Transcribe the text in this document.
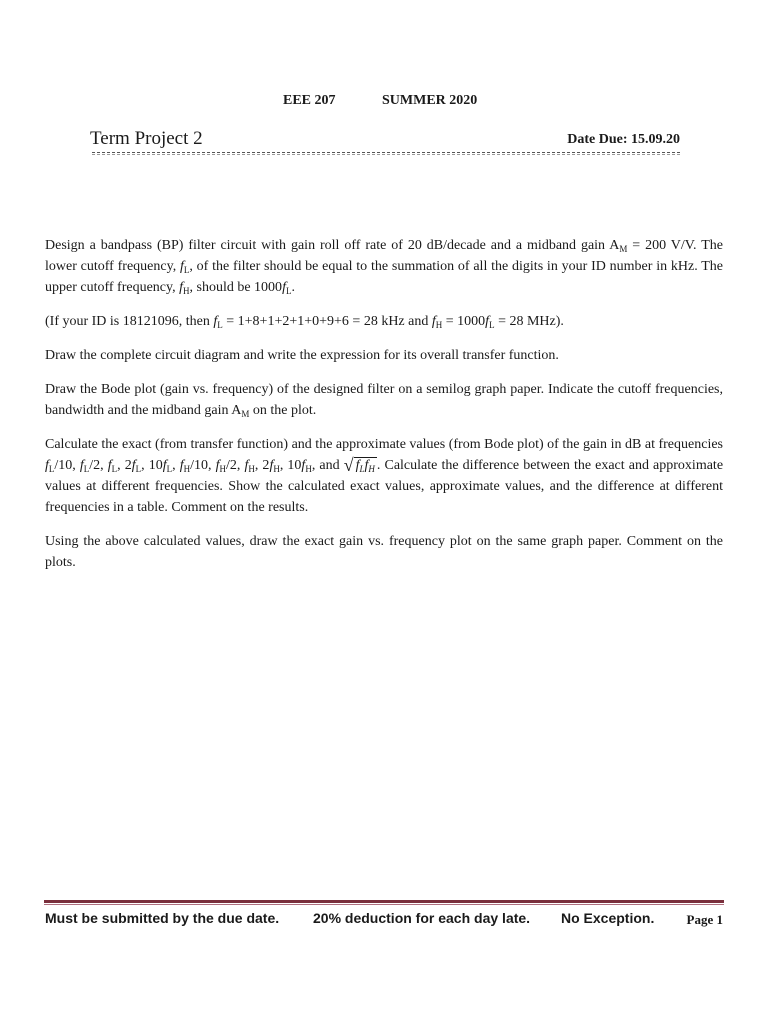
EEE 207	SUMMER 2020
Term Project 2	Date Due: 15.09.20

Design a bandpass (BP) filter circuit with gain roll off rate of 20 dB/decade and a midband gain $A_M = 200$ V/V. The lower cutoff frequency, $f_L$, of the filter should be equal to the summation of all the digits in your ID number in kHz. The upper cutoff frequency, $f_H$, should be $1000f_L$.

(If your ID is 18121096, then $f_L = 1+8+1+2+1+0+9+6 = 28$ kHz and $f_H = 1000f_L = 28$ MHz).

Draw the complete circuit diagram and write the expression for its overall transfer function.

Draw the Bode plot (gain vs. frequency) of the designed filter on a semilog graph paper. Indicate the cutoff frequencies, bandwidth and the midband gain $A_M$ on the plot.

Calculate the exact (from transfer function) and the approximate values (from Bode plot) of the gain in dB at frequencies $f_L/10$, $f_L/2$, $f_L$, $2f_L$, $10f_L$, $f_H/10$, $f_H/2$, $f_H$, $2f_H$, $10f_H$, and √ $f_Lf_H$ . Calculate the difference between the exact and approximate values at different frequencies. Show the calculated exact values, approximate values, and the difference at different frequencies in a table. Comment on the results.

Using the above calculated values, draw the exact gain vs. frequency plot on the same graph paper. Comment on the plots.

Must be submitted by the due date. 20% deduction for each day late. No Exception. Page 1
